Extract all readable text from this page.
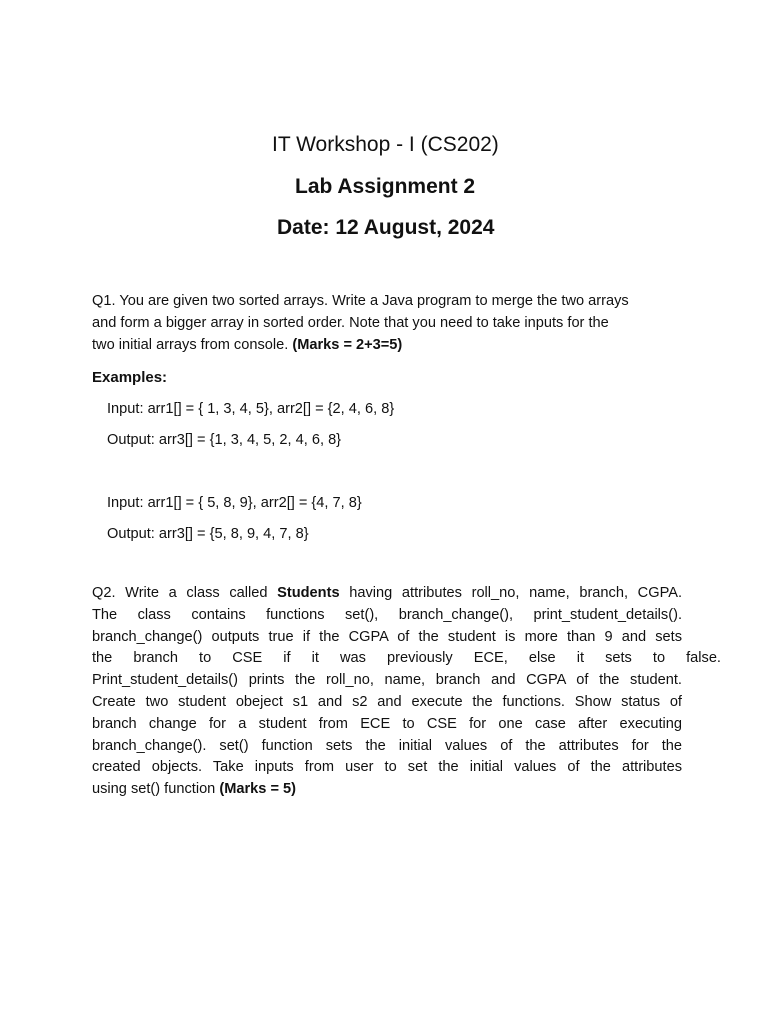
IT Workshop - I (CS202)
Lab Assignment 2
Date: 12 August, 2024
Q1. You are given two sorted arrays. Write a Java program to merge the two arrays
and form a bigger array in sorted order. Note that you need to take inputs for the
two initial arrays from console. (Marks = 2+3=5)
Examples:
Input: arr1[] = { 1, 3, 4, 5}, arr2[] = {2, 4, 6, 8}
Output: arr3[] = {1, 3, 4, 5, 2, 4, 6, 8}
Input: arr1[] = { 5, 8, 9}, arr2[] = {4, 7, 8}
Output: arr3[] = {5, 8, 9, 4, 7, 8}
Q2. Write a class called Students having attributes roll_no, name, branch, CGPA.
The class contains functions set(), branch_change(), print_student_details().
branch_change() outputs true if the CGPA of the student is more than 9 and sets
the branch to CSE if it was previously ECE, else it sets to false.
Print_student_details() prints the roll_no, name, branch and CGPA of the student.
Create two student obeject s1 and s2 and execute the functions. Show status of
branch change for a student from ECE to CSE for one case after executing
branch_change(). set() function sets the initial values of the attributes for the
created objects. Take inputs from user to set the initial values of the attributes
using set() function (Marks = 5)
